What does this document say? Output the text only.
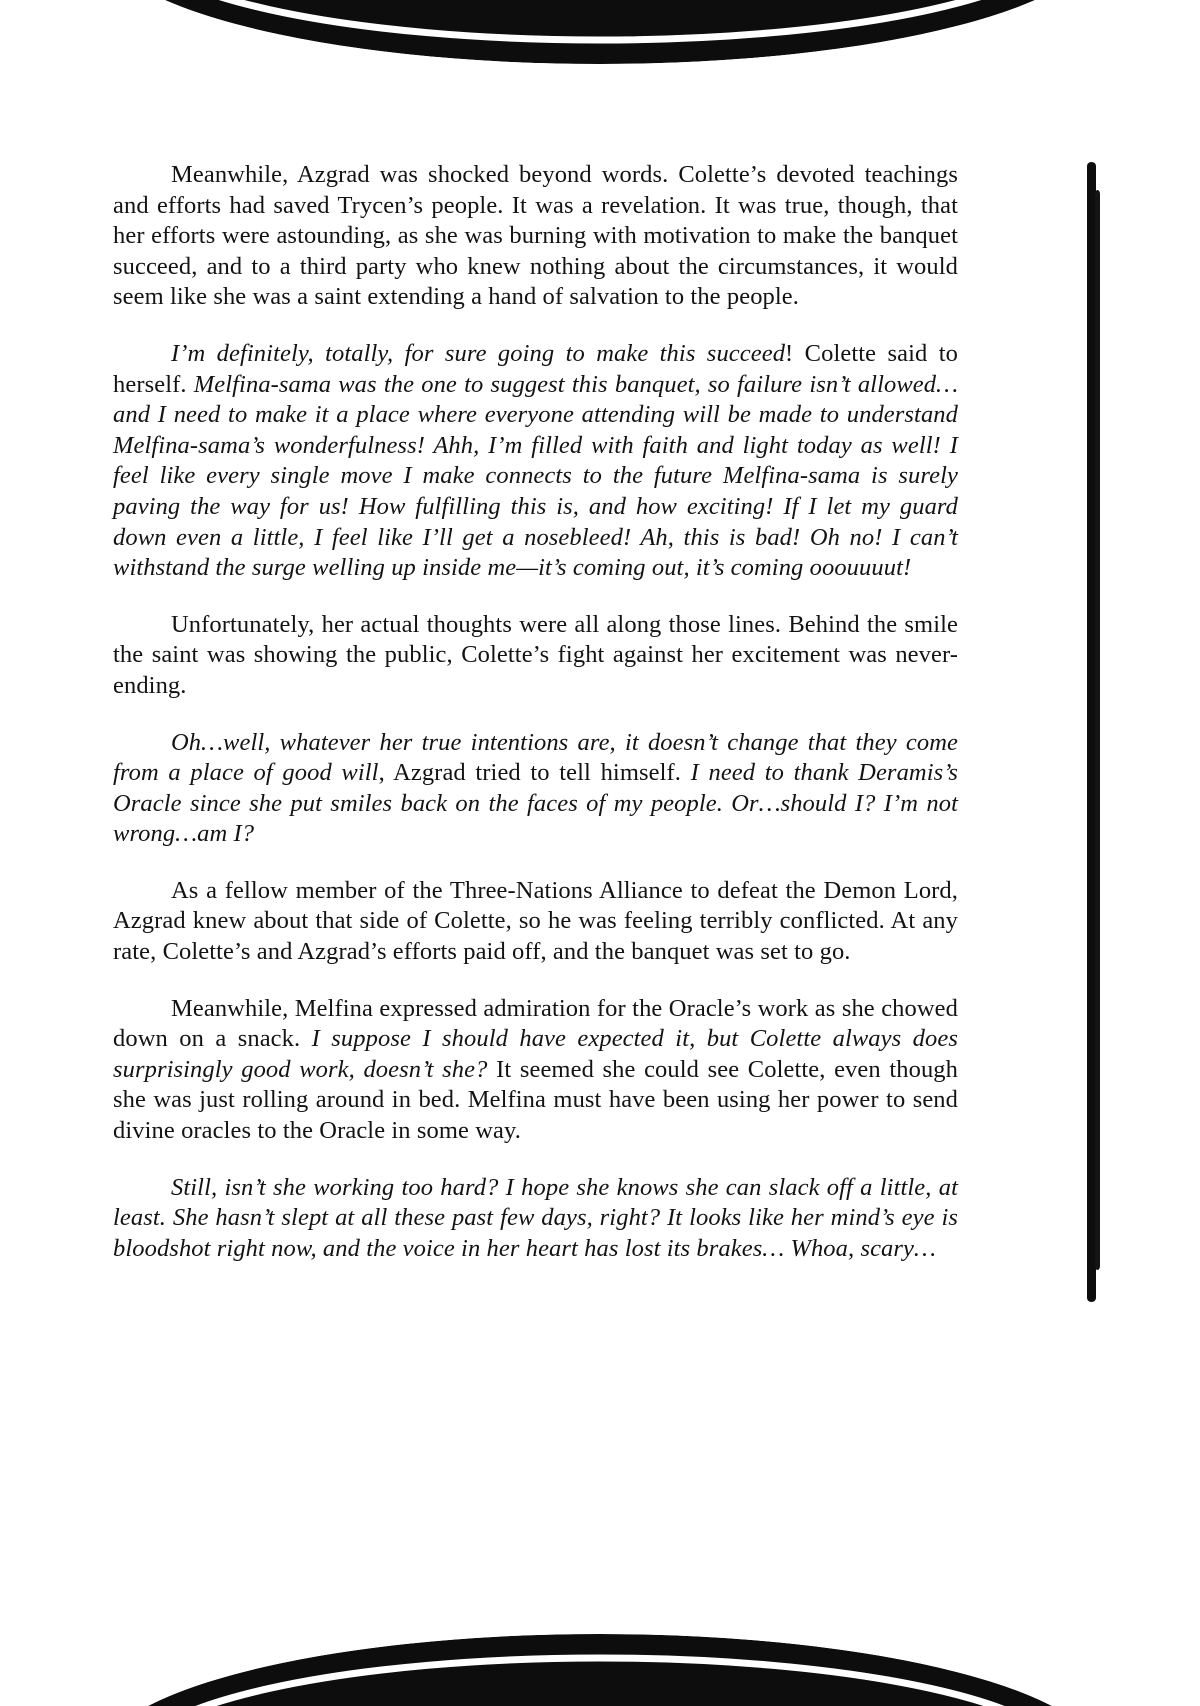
Meanwhile, Azgrad was shocked beyond words. Colette’s devoted teachings and efforts had saved Trycen’s people. It was a revelation. It was true, though, that her efforts were astounding, as she was burning with motivation to make the banquet succeed, and to a third party who knew nothing about the circumstances, it would seem like she was a saint extending a hand of salvation to the people.

I’m definitely, totally, for sure going to make this succeed! Colette said to herself. Melfina-sama was the one to suggest this banquet, so failure isn’t allowed… and I need to make it a place where everyone attending will be made to understand Melfina-sama’s wonderfulness! Ahh, I’m filled with faith and light today as well! I feel like every single move I make connects to the future Melfina-sama is surely paving the way for us! How fulfilling this is, and how exciting! If I let my guard down even a little, I feel like I’ll get a nosebleed! Ah, this is bad! Oh no! I can’t withstand the surge welling up inside me—it’s coming out, it’s coming ooouuuut!

Unfortunately, her actual thoughts were all along those lines. Behind the smile the saint was showing the public, Colette’s fight against her excitement was never-ending.

Oh…well, whatever her true intentions are, it doesn’t change that they come from a place of good will, Azgrad tried to tell himself. I need to thank Deramis’s Oracle since she put smiles back on the faces of my people. Or…should I? I’m not wrong…am I?

As a fellow member of the Three-Nations Alliance to defeat the Demon Lord, Azgrad knew about that side of Colette, so he was feeling terribly conflicted. At any rate, Colette’s and Azgrad’s efforts paid off, and the banquet was set to go.

Meanwhile, Melfina expressed admiration for the Oracle’s work as she chowed down on a snack. I suppose I should have expected it, but Colette always does surprisingly good work, doesn’t she? It seemed she could see Colette, even though she was just rolling around in bed. Melfina must have been using her power to send divine oracles to the Oracle in some way.

Still, isn’t she working too hard? I hope she knows she can slack off a little, at least. She hasn’t slept at all these past few days, right? It looks like her mind’s eye is bloodshot right now, and the voice in her heart has lost its brakes… Whoa, scary…
